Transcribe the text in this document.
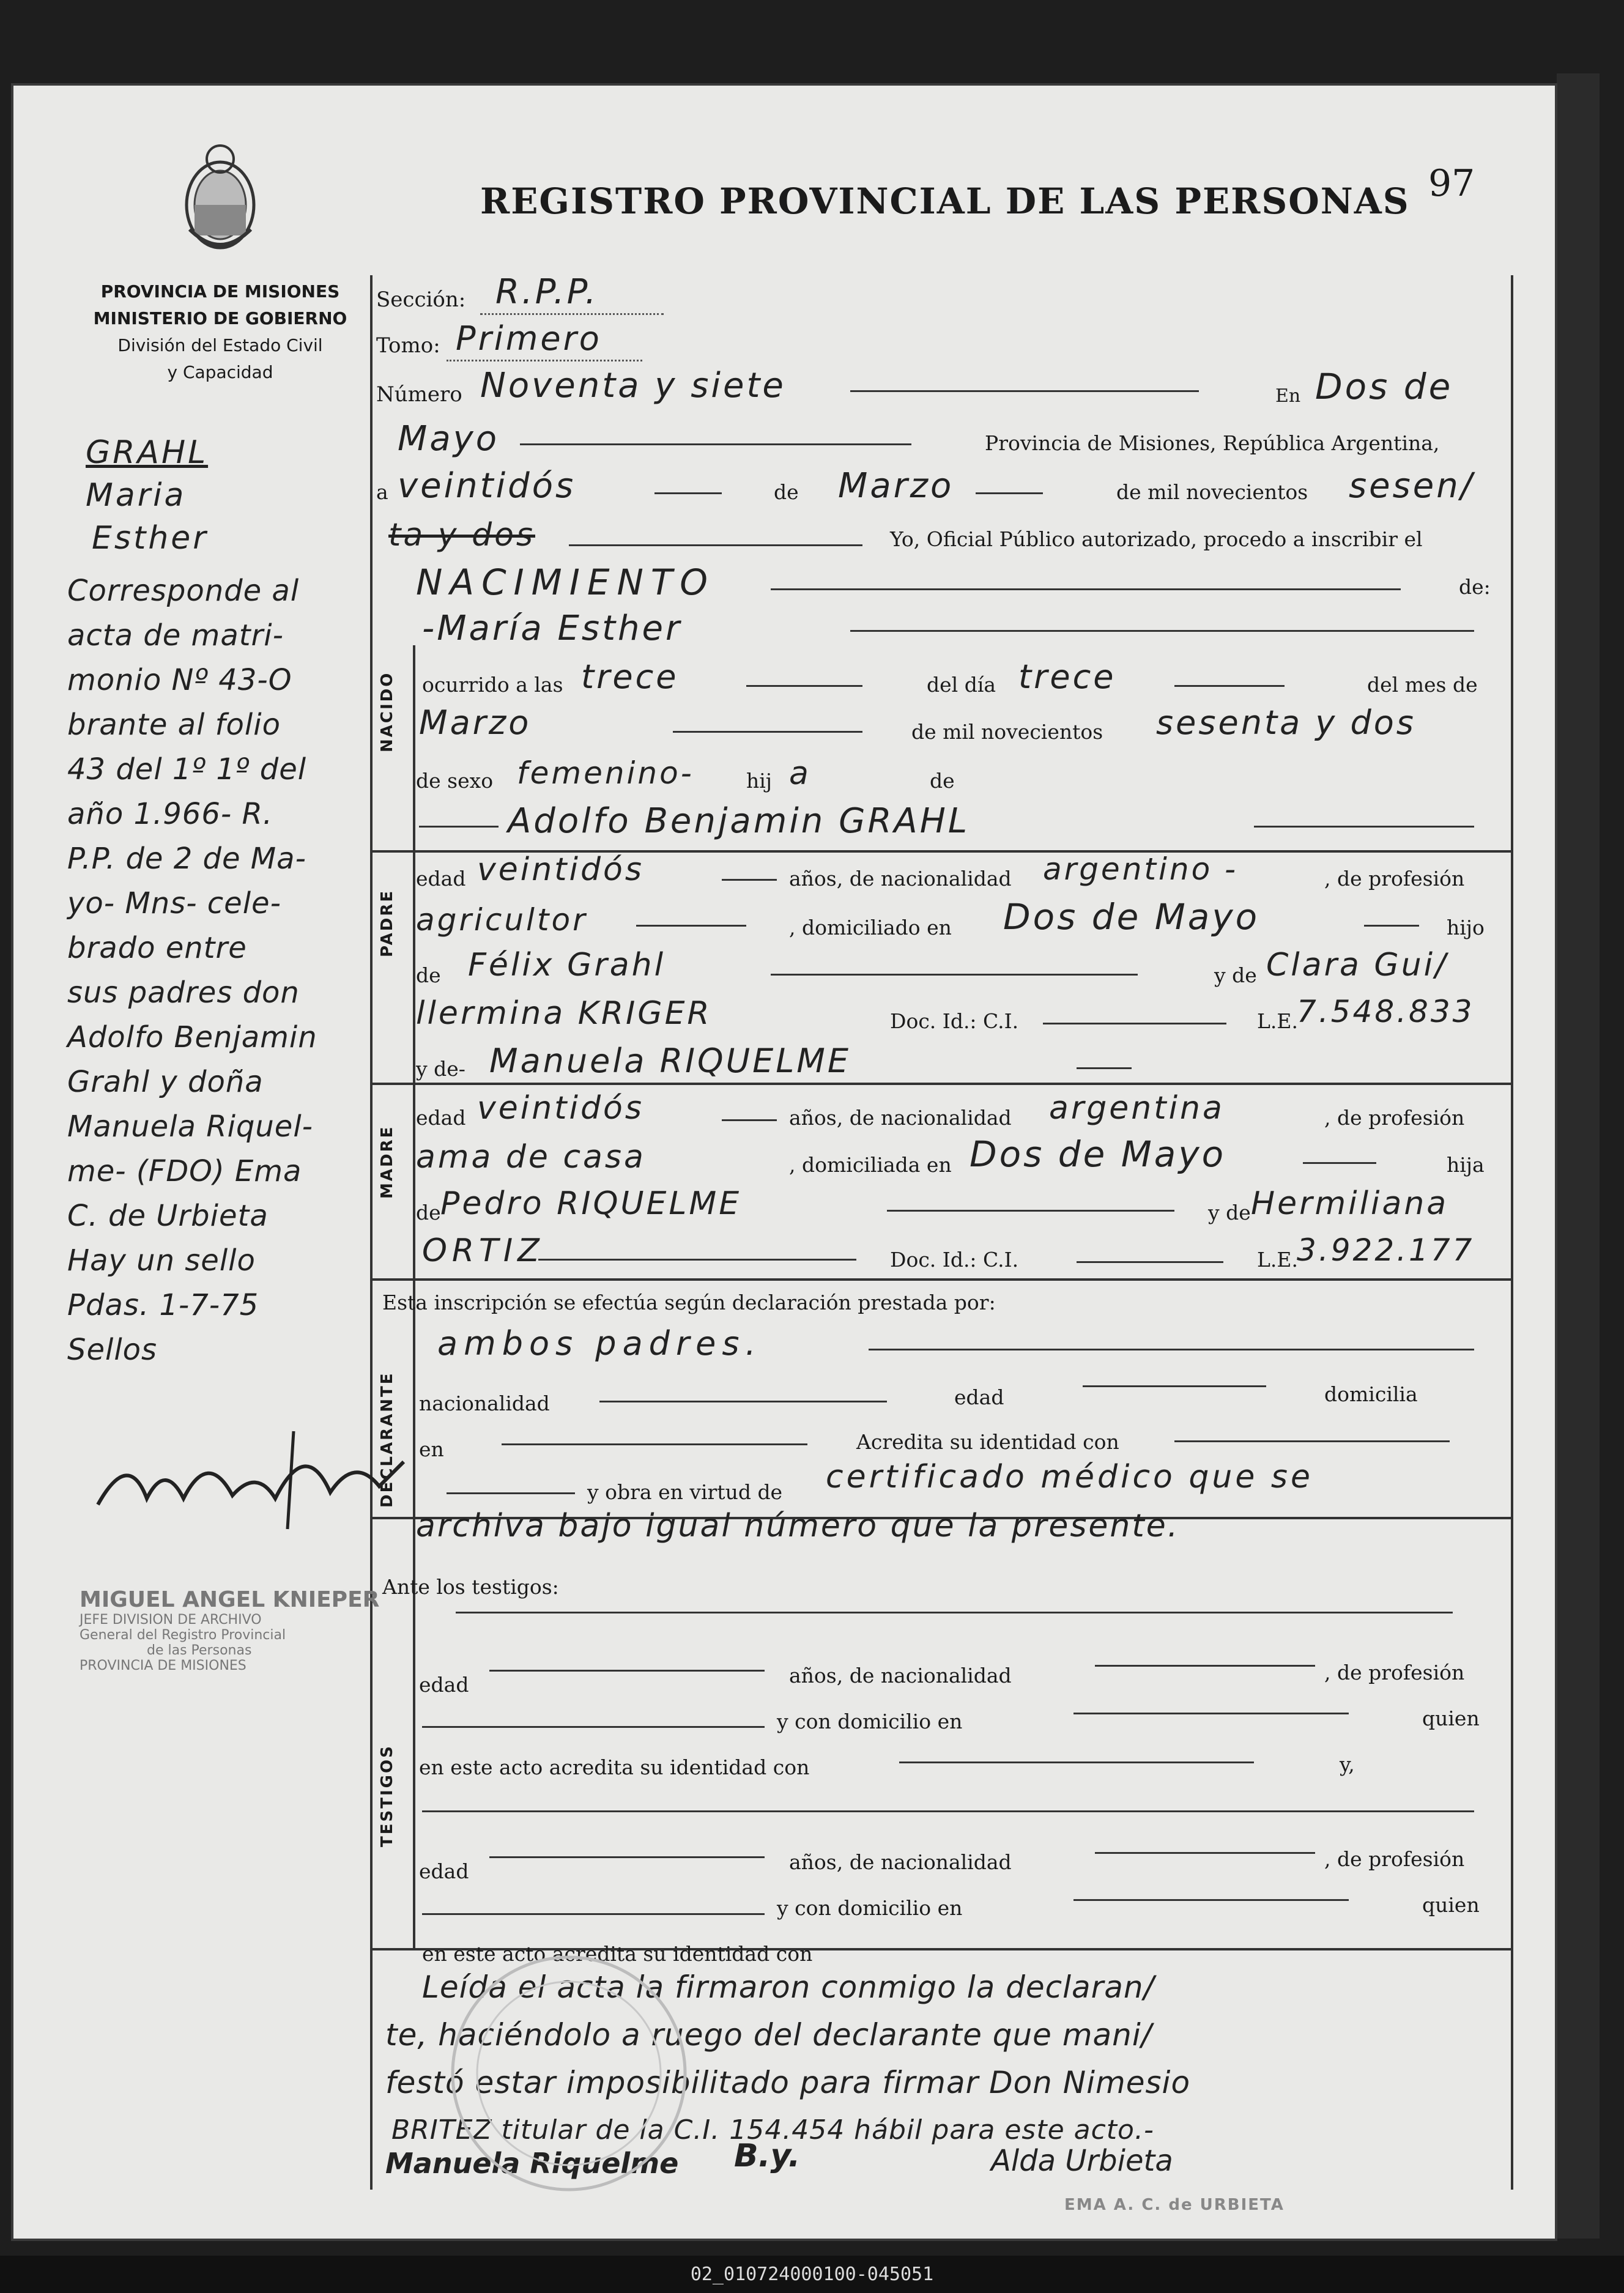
REGISTRO PROVINCIAL DE LAS PERSONAS 97
PROVINCIA DE MISIONES
MINISTERIO DE GOBIERNO
División del Estado Civil
y Capacidad
NACIDO
PADRE
MADRE
DECLARANTE
TESTIGOS
GRAHL
Maria
Esther
Corresponde al
acta de matri-
monio Nº 43-O
brante al folio
43 del 1º 1º del
año 1.966- R.
P.P. de 2 de Ma-
yo- Mns- cele-
brado entre
sus padres don
Adolfo Benjamin
Grahl y doña
Manuela Riquel-
me- (FDO) Ema
C. de Urbieta
Hay un sello
Pdas. 1-7-75
Sellos
MIGUEL ANGEL KNIEPER
JEFE DIVISION DE ARCHIVO
General del Registro Provincial
de las Personas
PROVINCIA DE MISIONES
Sección: R.P.P.
Tomo: Primero
Número Noventa y siete	En Dos de
Mayo	Provincia de Misiones, República Argentina,
a veintidós	de Marzo	de mil novecientos sesen/
ta y dos	Yo, Oficial Público autorizado, procedo a inscribir el
NACIMIENTO	de:
-María Esther
ocurrido a las trece	del día trece	del mes de
Marzo	de mil novecientos sesenta y dos
de sexo femenino-	hij a	de
Adolfo Benjamin GRAHL
edad veintidós	años, de nacionalidad argentino -	, de profesión
agricultor	, domiciliado en Dos de Mayo	hijo
de Félix Grahl	y de Clara Gui/
llermina KRIGER	Doc. Id.: C.I.	L.E.
7.548.833
y de- Manuela RIQUELME
edad veintidós	años, de nacionalidad argentina	, de profesión
ama de casa	, domiciliada en Dos de Mayo	hija
de Pedro RIQUELME	y de Hermiliana
ORTIZ	Doc. Id.: C.I.	L.E.
3.922.177
Esta inscripción se efectúa según declaración prestada por:
ambos padres.
nacionalidad	edad	domicilia
en	Acredita su identidad con
y obra en virtud de certificado médico que se
archiva bajo igual número que la presente.
Ante los testigos:
edad	años, de nacionalidad	, de profesión
y con domicilio en	quien
en este acto acredita su identidad con	y,
edad	años, de nacionalidad	, de profesión
y con domicilio en	quien
en este acto acredita su identidad con
Leída el acta la firmaron conmigo la declaran/
te, haciéndolo a ruego del declarante que mani/
festó estar imposibilitado para firmar Don Nimesio
BRITEZ titular de la C.I. 154.454 hábil para este acto.-
Manuela Riquelme B.y.	Alda Urbieta
EMA A. C. de URBIETA
02_010724000100-045051
